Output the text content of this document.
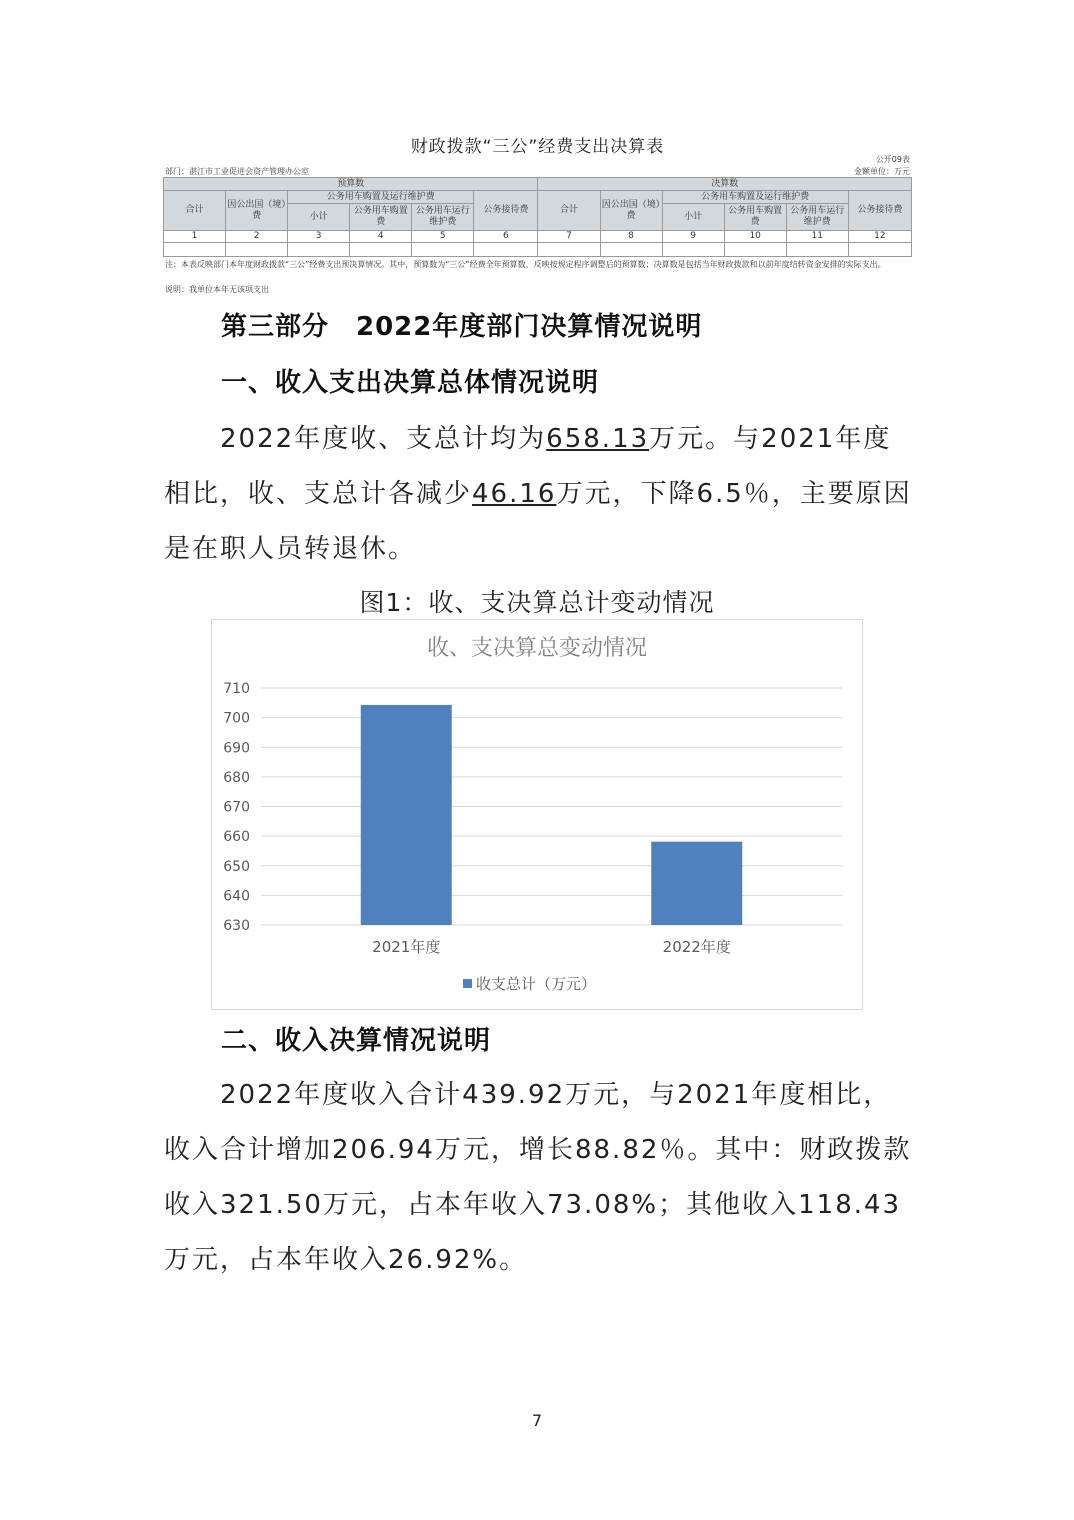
财政拨款“三公”经费支出决算表
公开09表
部门：湛江市工业促进会资产管理办公室	金额单位：万元
预算数						决算数					
合计	因公出国（境）费	公务用车购置及运行维护费			公务接待费	合计	因公出国（境）费	公务用车购置及运行维护费			公务接待费
		小计	公务用车购置费	公务用车运行维护费				小计	公务用车购置费	公务用车运行维护费	
1	2	3	4	5	6	7	8	9	10	11	12

注：本表反映部门本年度财政拨款“三公”经费支出预决算情况。其中，预算数为“三公”经费全年预算数，反映按规定程序调整后的预算数；决算数是包括当年财政拨款和以前年度结转资金安排的实际支出。
说明：我单位本年无该项支出
第三部分　2022年度部门决算情况说明
一、收入支出决算总体情况说明
2022年度收、支总计均为658.13万元。与2021年度相比，收、支总计各减少46.16万元，下降6.5％，主要原因是在职人员转退休。
图1：收、支决算总计变动情况
收、支决算总变动情况
630
640
650
660
670
680
690
700
710
2021年度	2022年度
收支总计（万元）
二、收入决算情况说明
2022年度收入合计439.92万元，与2021年度相比，收入合计增加206.94万元，增长88.82％。其中：财政拨款收入321.50万元，占本年收入73.08%；其他收入118.43万元，占本年收入26.92%。
7
